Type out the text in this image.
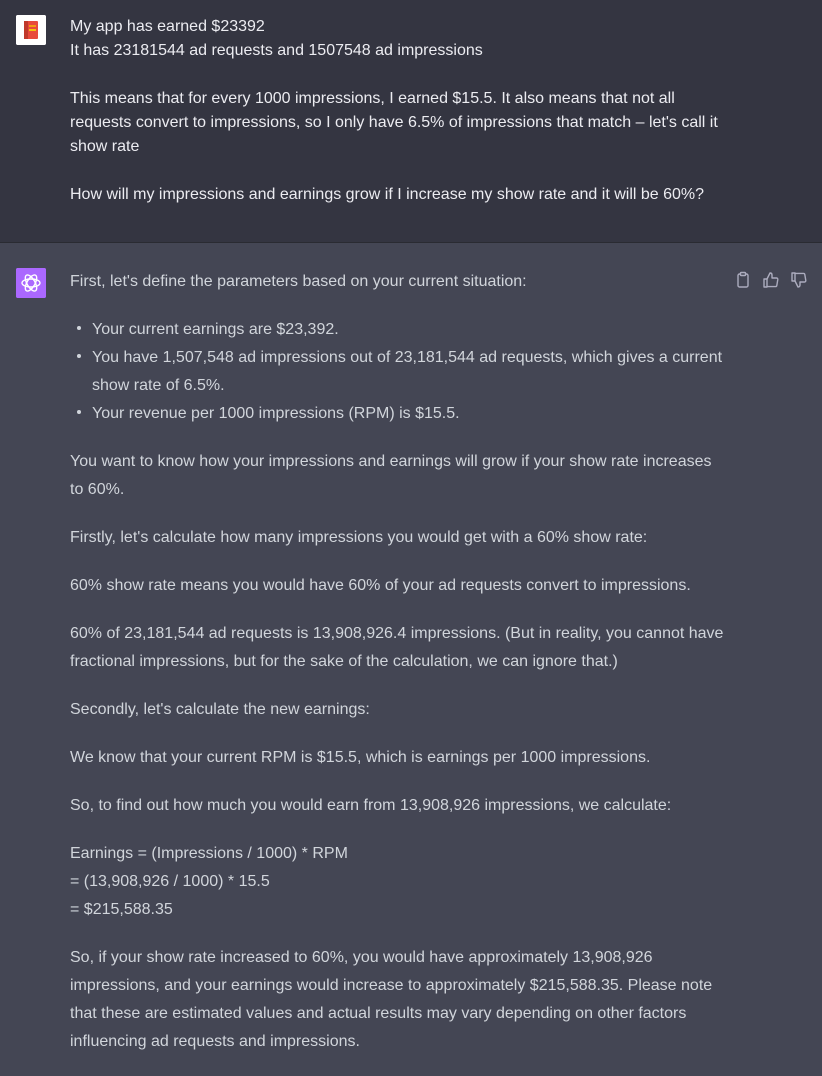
My app has earned $23392
It has 23181544 ad requests and 1507548 ad impressions

This means that for every 1000 impressions, I earned $15.5. It also means that not all requests convert to impressions, so I only have 6.5% of impressions that match – let's call it show rate

How will my impressions and earnings grow if I increase my show rate and it will be 60%?

First, let's define the parameters based on your current situation:

Your current earnings are $23,392.
You have 1,507,548 ad impressions out of 23,181,544 ad requests, which gives a current show rate of 6.5%.
Your revenue per 1000 impressions (RPM) is $15.5.

You want to know how your impressions and earnings will grow if your show rate increases to 60%.

Firstly, let's calculate how many impressions you would get with a 60% show rate:

60% show rate means you would have 60% of your ad requests convert to impressions.

60% of 23,181,544 ad requests is 13,908,926.4 impressions. (But in reality, you cannot have fractional impressions, but for the sake of the calculation, we can ignore that.)

Secondly, let's calculate the new earnings:

We know that your current RPM is $15.5, which is earnings per 1000 impressions.

So, to find out how much you would earn from 13,908,926 impressions, we calculate:

Earnings = (Impressions / 1000) * RPM

= (13,908,926 / 1000) * 15.5

= $215,588.35

So, if your show rate increased to 60%, you would have approximately 13,908,926 impressions, and your earnings would increase to approximately $215,588.35. Please note that these are estimated values and actual results may vary depending on other factors influencing ad requests and impressions.
